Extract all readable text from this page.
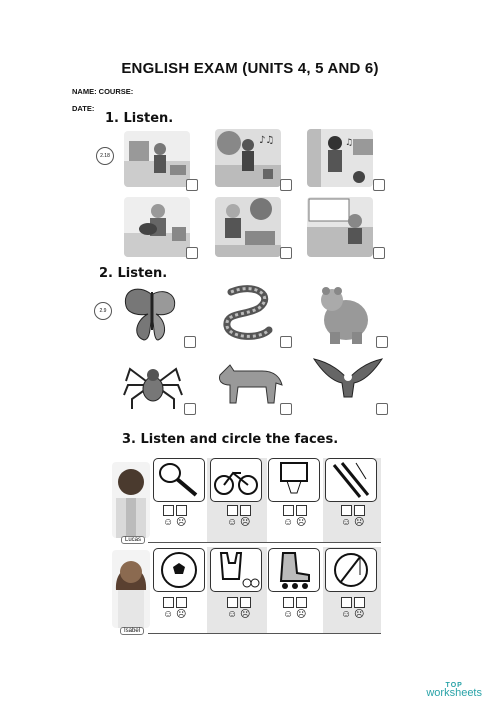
ENGLISH EXAM (UNITS 4, 5 AND 6)
NAME: COURSE:
DATE:
1. Listen.
2.18
♪♫	♫
2. Listen.
2.9
3. Listen and circle the faces.
Lucas
Isabel
☺ ☹	☺ ☹	☺ ☹	☺ ☹
☺ ☹	☺ ☹	☺ ☹	☺ ☹
TOP
worksheets
